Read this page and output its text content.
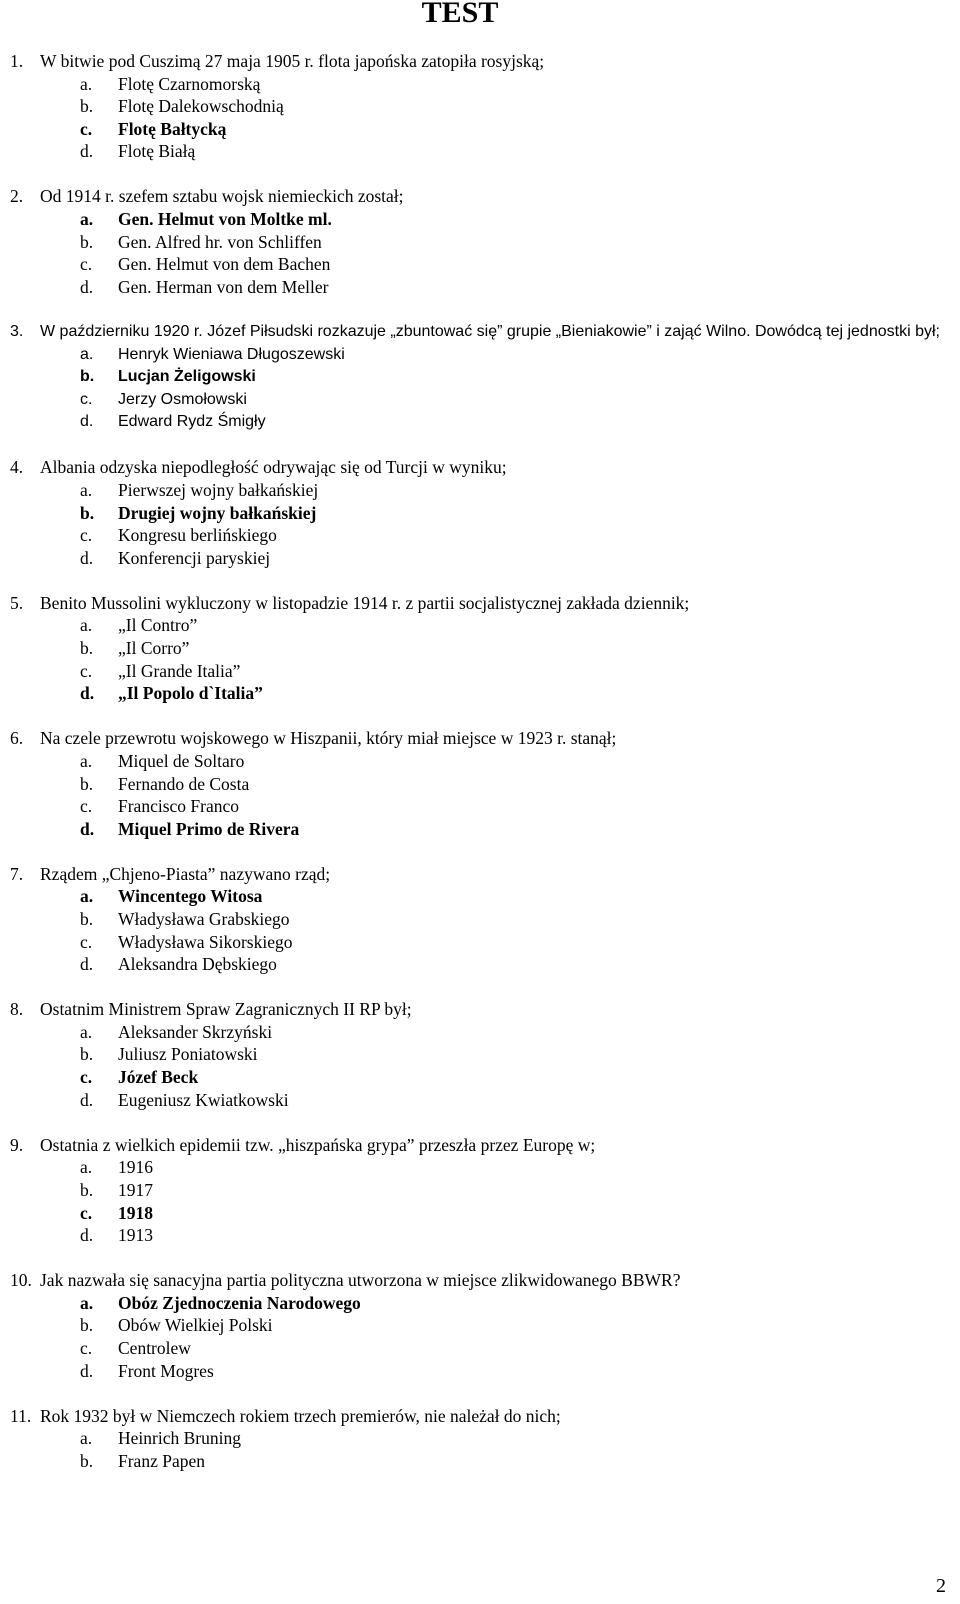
TEST
1. W bitwie pod Cuszimą 27 maja 1905 r. flota japońska zatopiła rosyjską;
a. Flotę Czarnomorską
b. Flotę Dalekowschodnią
c. Flotę Bałtycką
d. Flotę Białą
2. Od 1914 r. szefem sztabu wojsk niemieckich został;
a. Gen. Helmut von Moltke ml.
b. Gen. Alfred hr. von Schliffen
c. Gen. Helmut von dem Bachen
d. Gen. Herman von dem Meller
3. W październiku 1920 r. Józef Piłsudski rozkazuje „zbuntować się” grupie „Bieniakowie” i zająć Wilno. Dowódcą tej jednostki był;
a. Henryk Wieniawa Długoszewski
b. Lucjan Żeligowski
c. Jerzy Osmołowski
d. Edward Rydz Śmigły
4. Albania odzyska niepodległość odrywając się od Turcji w wyniku;
a. Pierwszej wojny bałkańskiej
b. Drugiej wojny bałkańskiej
c. Kongresu berlińskiego
d. Konferencji paryskiej
5. Benito Mussolini wykluczony w listopadzie 1914 r. z partii socjalistycznej zakłada dziennik;
a. „Il Contro”
b. „Il Corro”
c. „Il Grande Italia”
d. „Il Popolo d`Italia”
6. Na czele przewrotu wojskowego w Hiszpanii, który miał miejsce w 1923 r. stanął;
a. Miquel de Soltaro
b. Fernando de Costa
c. Francisco Franco
d. Miquel Primo de Rivera
7. Rządem „Chjeno-Piasta” nazywano rząd;
a. Wincentego Witosa
b. Władysława Grabskiego
c. Władysława Sikorskiego
d. Aleksandra Dębskiego
8. Ostatnim Ministrem Spraw Zagranicznych II RP był;
a. Aleksander Skrzyński
b. Juliusz Poniatowski
c. Józef Beck
d. Eugeniusz Kwiatkowski
9. Ostatnia z wielkich epidemii tzw. „hiszpańska grypa” przeszła przez Europę w;
a. 1916
b. 1917
c. 1918
d. 1913
10. Jak nazwała się sanacyjna partia polityczna utworzona w miejsce zlikwidowanego BBWR?
a. Obóz Zjednoczenia Narodowego
b. Obów Wielkiej Polski
c. Centrolew
d. Front Mogres
11. Rok 1932 był w Niemczech rokiem trzech premierów, nie należał do nich;
a. Heinrich Bruning
b. Franz Papen
2
